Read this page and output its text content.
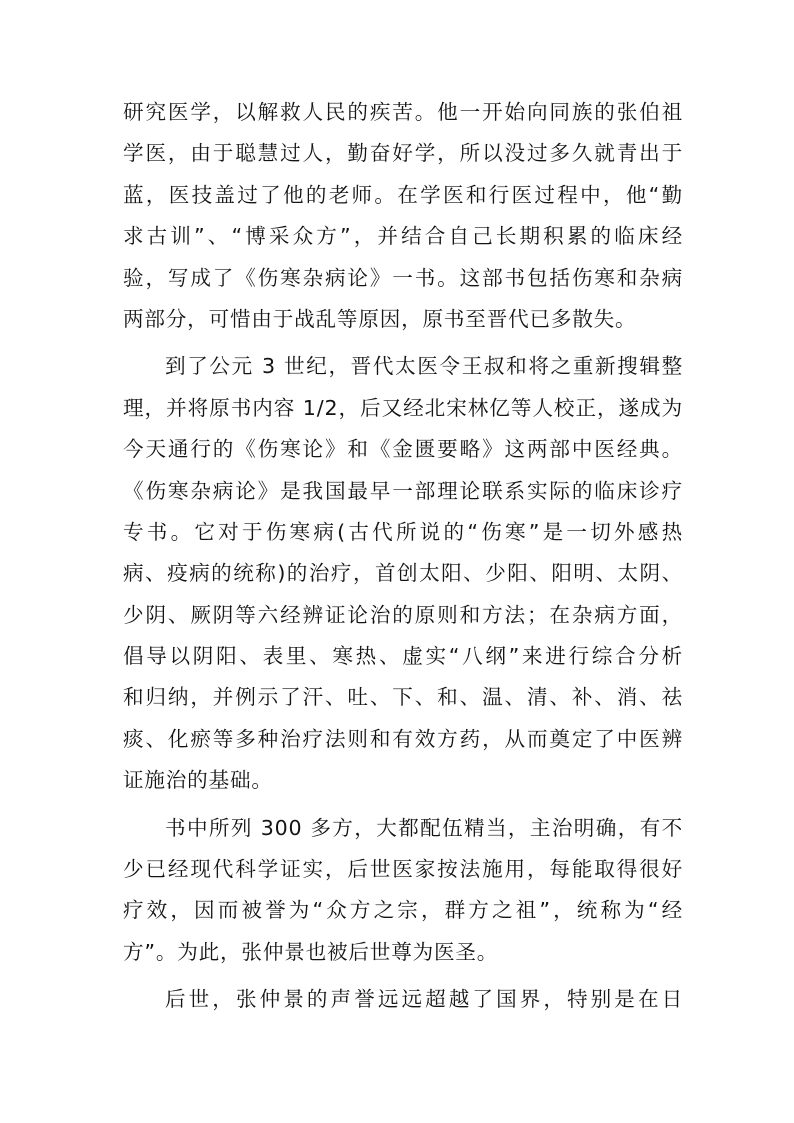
研究医学，以解救人民的疾苦。他一开始向同族的张伯祖
学医，由于聪慧过人，勤奋好学，所以没过多久就青出于
蓝，医技盖过了他的老师。在学医和行医过程中，他“勤
求古训”、“博采众方”，并结合自己长期积累的临床经
验，写成了《伤寒杂病论》一书。这部书包括伤寒和杂病
两部分，可惜由于战乱等原因，原书至晋代已多散失。
到了公元 3 世纪，晋代太医令王叔和将之重新搜辑整
理，并将原书内容 1/2，后又经北宋林亿等人校正，遂成为
今天通行的《伤寒论》和《金匮要略》这两部中医经典。
《伤寒杂病论》是我国最早一部理论联系实际的临床诊疗
专书。它对于伤寒病(古代所说的“伤寒”是一切外感热
病、疫病的统称)的治疗，首创太阳、少阳、阳明、太阴、
少阴、厥阴等六经辨证论治的原则和方法；在杂病方面，
倡导以阴阳、表里、寒热、虚实“八纲”来进行综合分析
和归纳，并例示了汗、吐、下、和、温、清、补、消、祛
痰、化瘀等多种治疗法则和有效方药，从而奠定了中医辨
证施治的基础。
书中所列 300 多方，大都配伍精当，主治明确，有不
少已经现代科学证实，后世医家按法施用，每能取得很好
疗效，因而被誉为“众方之宗，群方之祖”，统称为“经
方”。为此，张仲景也被后世尊为医圣。
后世，张仲景的声誉远远超越了国界，特别是在日
